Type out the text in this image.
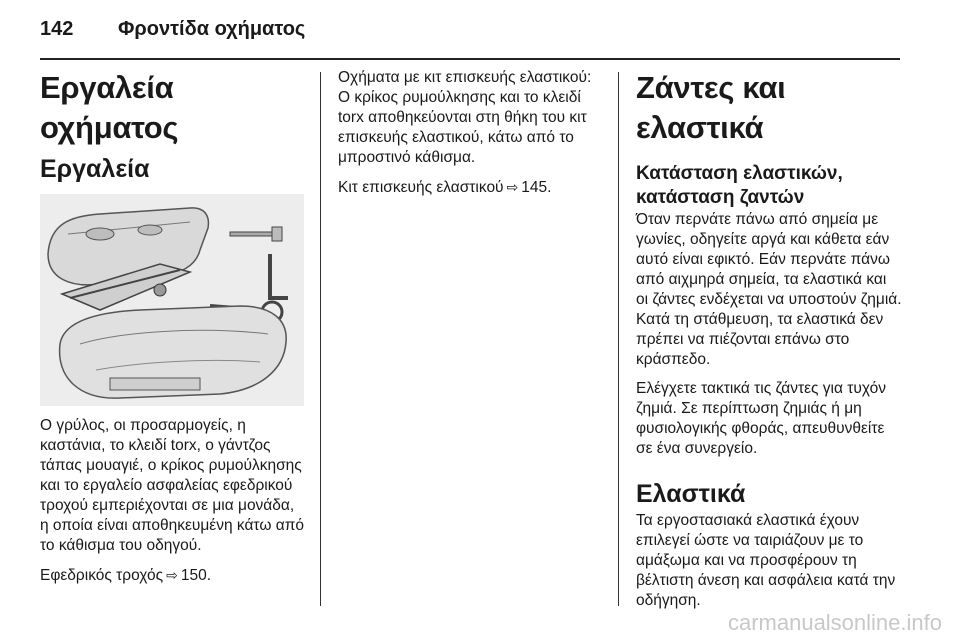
142	Φροντίδα οχήματος
Εργαλεία οχήματος
Εργαλεία

Ο γρύλος, οι προσαρμογείς, η καστάνια, το κλειδί torx, ο γάντζος τάπας μουαγιέ, ο κρίκος ρυμούλκησης και το εργαλείο ασφαλείας εφεδρικού τροχού εμπεριέχονται σε μια μονάδα, η οποία είναι αποθηκευμένη κάτω από το κάθισμα του οδηγού.

Εφεδρικός τροχός ⇨ 150.

Οχήματα με κιτ επισκευής ελαστικού: Ο κρίκος ρυμούλκησης και το κλειδί torx αποθηκεύονται στη θήκη του κιτ επισκευής ελαστικού, κάτω από το μπροστινό κάθισμα.

Κιτ επισκευής ελαστικού ⇨ 145.

Ζάντες και ελαστικά
Κατάσταση ελαστικών, κατάσταση ζαντών

Όταν περνάτε πάνω από σημεία με γωνίες, οδηγείτε αργά και κάθετα εάν αυτό είναι εφικτό. Εάν περνάτε πάνω από αιχμηρά σημεία, τα ελαστικά και οι ζάντες ενδέχεται να υποστούν ζημιά. Κατά τη στάθμευση, τα ελαστικά δεν πρέπει να πιέζονται επάνω στο κράσπεδο.

Ελέγχετε τακτικά τις ζάντες για τυχόν ζημιά. Σε περίπτωση ζημιάς ή μη φυσιολογικής φθοράς, απευθυνθείτε σε ένα συνεργείο.

Ελαστικά

Τα εργοστασιακά ελαστικά έχουν επιλεγεί ώστε να ταιριάζουν με το αμάξωμα και να προσφέρουν τη βέλτιστη άνεση και ασφάλεια κατά την οδήγηση.

carmanualsonline.info
